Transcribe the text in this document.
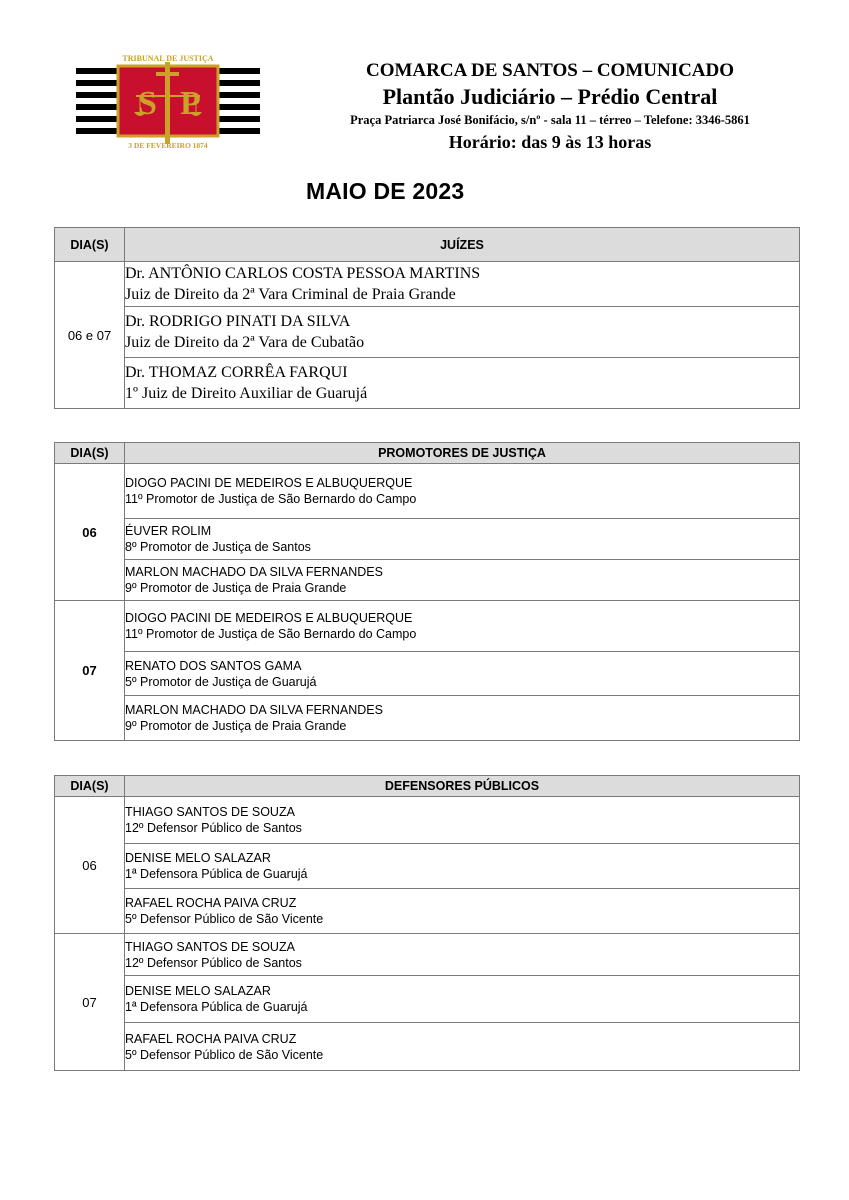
S P
TRIBUNAL DE JUSTIÇA
3 DE FEVEREIRO 1874
COMARCA DE SANTOS – COMUNICADO
Plantão Judiciário – Prédio Central
Praça Patriarca José Bonifácio, s/nº - sala 11 – térreo – Telefone: 3346-5861
Horário: das 9 às 13 horas
MAIO DE 2023
DIA(S)	JUÍZES
06 e 07	Dr. ANTÔNIO CARLOS COSTA PESSOA MARTINS
Juiz de Direito da 2ª Vara Criminal de Praia Grande

	Dr. RODRIGO PINATI DA SILVA
Juiz de Direito da 2ª Vara de Cubatão

	Dr. THOMAZ CORRÊA FARQUI
1º Juiz de Direito Auxiliar de Guarujá
DIA(S)	PROMOTORES DE JUSTIÇA
06	DIOGO PACINI DE MEDEIROS E ALBUQUERQUE
11º Promotor de Justiça de São Bernardo do Campo

	ÉUVER ROLIM
8º Promotor de Justiça de Santos

	MARLON MACHADO DA SILVA FERNANDES
9º Promotor de Justiça de Praia Grande

07	DIOGO PACINI DE MEDEIROS E ALBUQUERQUE
11º Promotor de Justiça de São Bernardo do Campo

	RENATO DOS SANTOS GAMA
5º Promotor de Justiça de Guarujá

	MARLON MACHADO DA SILVA FERNANDES
9º Promotor de Justiça de Praia Grande
DIA(S)	DEFENSORES PÚBLICOS
06	THIAGO SANTOS DE SOUZA
12º Defensor Público de Santos

	DENISE MELO SALAZAR
1ª Defensora Pública de Guarujá

	RAFAEL ROCHA PAIVA CRUZ
5º Defensor Público de São Vicente

07	THIAGO SANTOS DE SOUZA
12º Defensor Público de Santos

	DENISE MELO SALAZAR
1ª Defensora Pública de Guarujá

	RAFAEL ROCHA PAIVA CRUZ
5º Defensor Público de São Vicente
